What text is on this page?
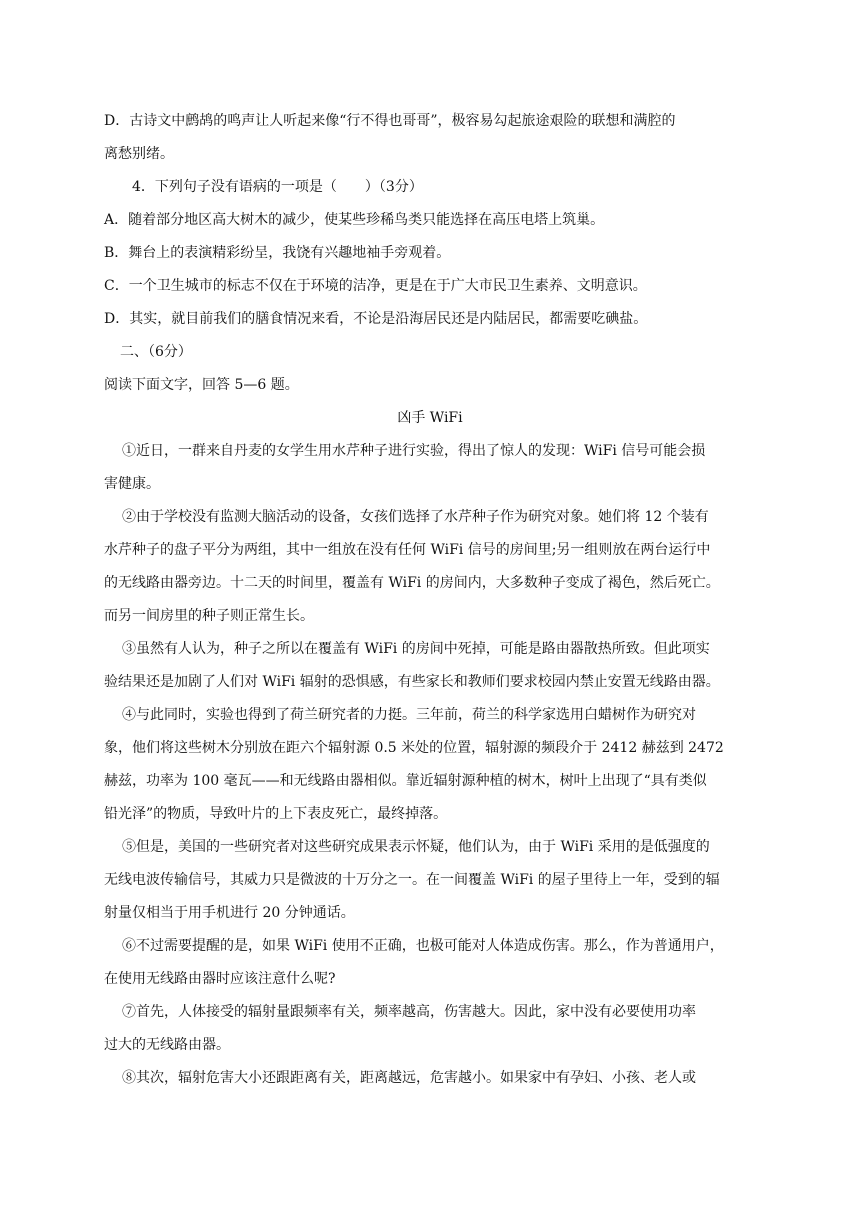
D．古诗文中鹧鸪的鸣声让人听起来像“行不得也哥哥”，极容易勾起旅途艰险的联想和满腔的

离愁别绪。

4．下列句子没有语病的一项是（　　）（3分）

A．随着部分地区高大树木的减少，使某些珍稀鸟类只能选择在高压电塔上筑巢。

B．舞台上的表演精彩纷呈，我饶有兴趣地袖手旁观着。

C．一个卫生城市的标志不仅在于环境的洁净，更是在于广大市民卫生素养、文明意识。

D．其实，就目前我们的膳食情况来看，不论是沿海居民还是内陆居民，都需要吃碘盐。

二、（6分）

阅读下面文字，回答 5—6 题。

凶手 WiFi

①近日，一群来自丹麦的女学生用水芹种子进行实验，得出了惊人的发现：WiFi 信号可能会损

害健康。

②由于学校没有监测大脑活动的设备，女孩们选择了水芹种子作为研究对象。她们将 12 个装有

水芹种子的盘子平分为两组，其中一组放在没有任何 WiFi 信号的房间里;另一组则放在两台运行中

的无线路由器旁边。十二天的时间里，覆盖有 WiFi 的房间内，大多数种子变成了褐色，然后死亡。

而另一间房里的种子则正常生长。

③虽然有人认为，种子之所以在覆盖有 WiFi 的房间中死掉，可能是路由器散热所致。但此项实

验结果还是加剧了人们对 WiFi 辐射的恐惧感，有些家长和教师们要求校园内禁止安置无线路由器。

④与此同时，实验也得到了荷兰研究者的力挺。三年前，荷兰的科学家选用白蜡树作为研究对

象，他们将这些树木分别放在距六个辐射源 0.5 米处的位置，辐射源的频段介于 2412 赫兹到 2472

赫兹，功率为 100 毫瓦——和无线路由器相似。靠近辐射源种植的树木，树叶上出现了“具有类似

铅光泽”的物质，导致叶片的上下表皮死亡，最终掉落。

⑤但是，美国的一些研究者对这些研究成果表示怀疑，他们认为，由于 WiFi 采用的是低强度的

无线电波传输信号，其威力只是微波的十万分之一。在一间覆盖 WiFi 的屋子里待上一年，受到的辐

射量仅相当于用手机进行 20 分钟通话。

⑥不过需要提醒的是，如果 WiFi 使用不正确，也极可能对人体造成伤害。那么，作为普通用户，

在使用无线路由器时应该注意什么呢?

⑦首先，人体接受的辐射量跟频率有关，频率越高，伤害越大。因此，家中没有必要使用功率

过大的无线路由器。

⑧其次，辐射危害大小还跟距离有关，距离越远，危害越小。如果家中有孕妇、小孩、老人或
